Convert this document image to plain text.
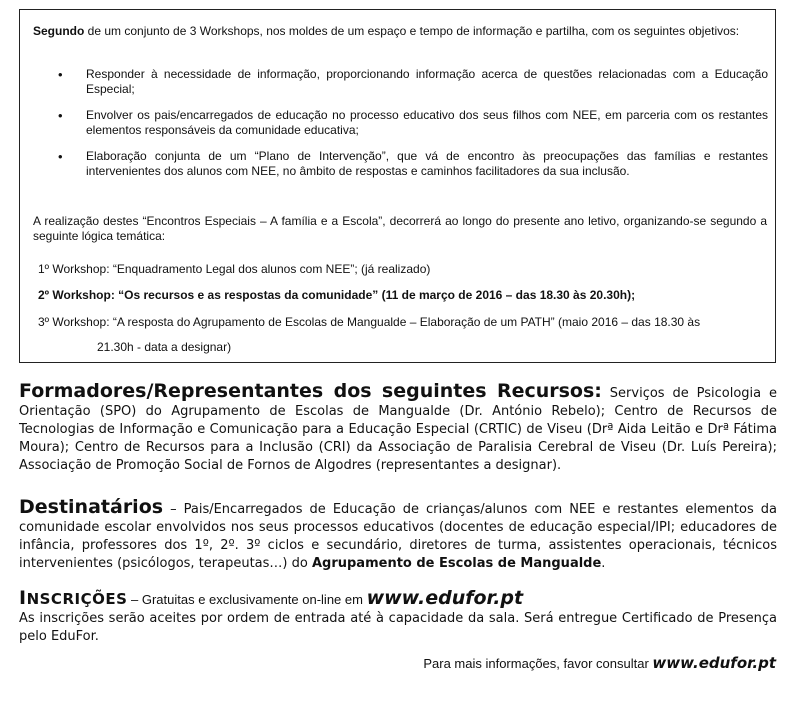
Segundo de um conjunto de 3 Workshops, nos moldes de um espaço e tempo de informação e partilha, com os seguintes objetivos:
• Responder à necessidade de informação, proporcionando informação acerca de questões relacionadas com a Educação Especial;
• Envolver os pais/encarregados de educação no processo educativo dos seus filhos com NEE, em parceria com os restantes elementos responsáveis da comunidade educativa;
• Elaboração conjunta de um “Plano de Intervenção”, que vá de encontro às preocupações das famílias e restantes intervenientes dos alunos com NEE, no âmbito de respostas e caminhos facilitadores da sua inclusão.
A realização destes “Encontros Especiais – A família e a Escola”, decorrerá ao longo do presente ano letivo, organizando-se segundo a seguinte lógica temática:
1º Workshop: “Enquadramento Legal dos alunos com NEE”; (já realizado)
2º Workshop: “Os recursos e as respostas da comunidade” (11 de março de 2016 – das 18.30 às 20.30h);
3º Workshop: “A resposta do Agrupamento de Escolas de Mangualde – Elaboração de um PATH” (maio 2016 – das 18.30 às
21.30h - data a designar)
Formadores/Representantes dos seguintes Recursos: Serviços de Psicologia e Orientação (SPO) do Agrupamento de Escolas de Mangualde (Dr. António Rebelo); Centro de Recursos de Tecnologias de Informação e Comunicação para a Educação Especial (CRTIC) de Viseu (Drª Aida Leitão e Drª Fátima Moura); Centro de Recursos para a Inclusão (CRI) da Associação de Paralisia Cerebral de Viseu (Dr. Luís Pereira); Associação de Promoção Social de Fornos de Algodres (representantes a designar).
Destinatários – Pais/Encarregados de Educação de crianças/alunos com NEE e restantes elementos da comunidade escolar envolvidos nos seus processos educativos (docentes de educação especial/IPI; educadores de infância, professores dos 1º, 2º. 3º ciclos e secundário, diretores de turma, assistentes operacionais, técnicos intervenientes (psicólogos, terapeutas…) do Agrupamento de Escolas de Mangualde.
INSCRIÇÕES – Gratuitas e exclusivamente on-line em www.edufor.pt
As inscrições serão aceites por ordem de entrada até à capacidade da sala. Será entregue Certificado de Presença pelo EduFor.
Para mais informações, favor consultar www.edufor.pt
